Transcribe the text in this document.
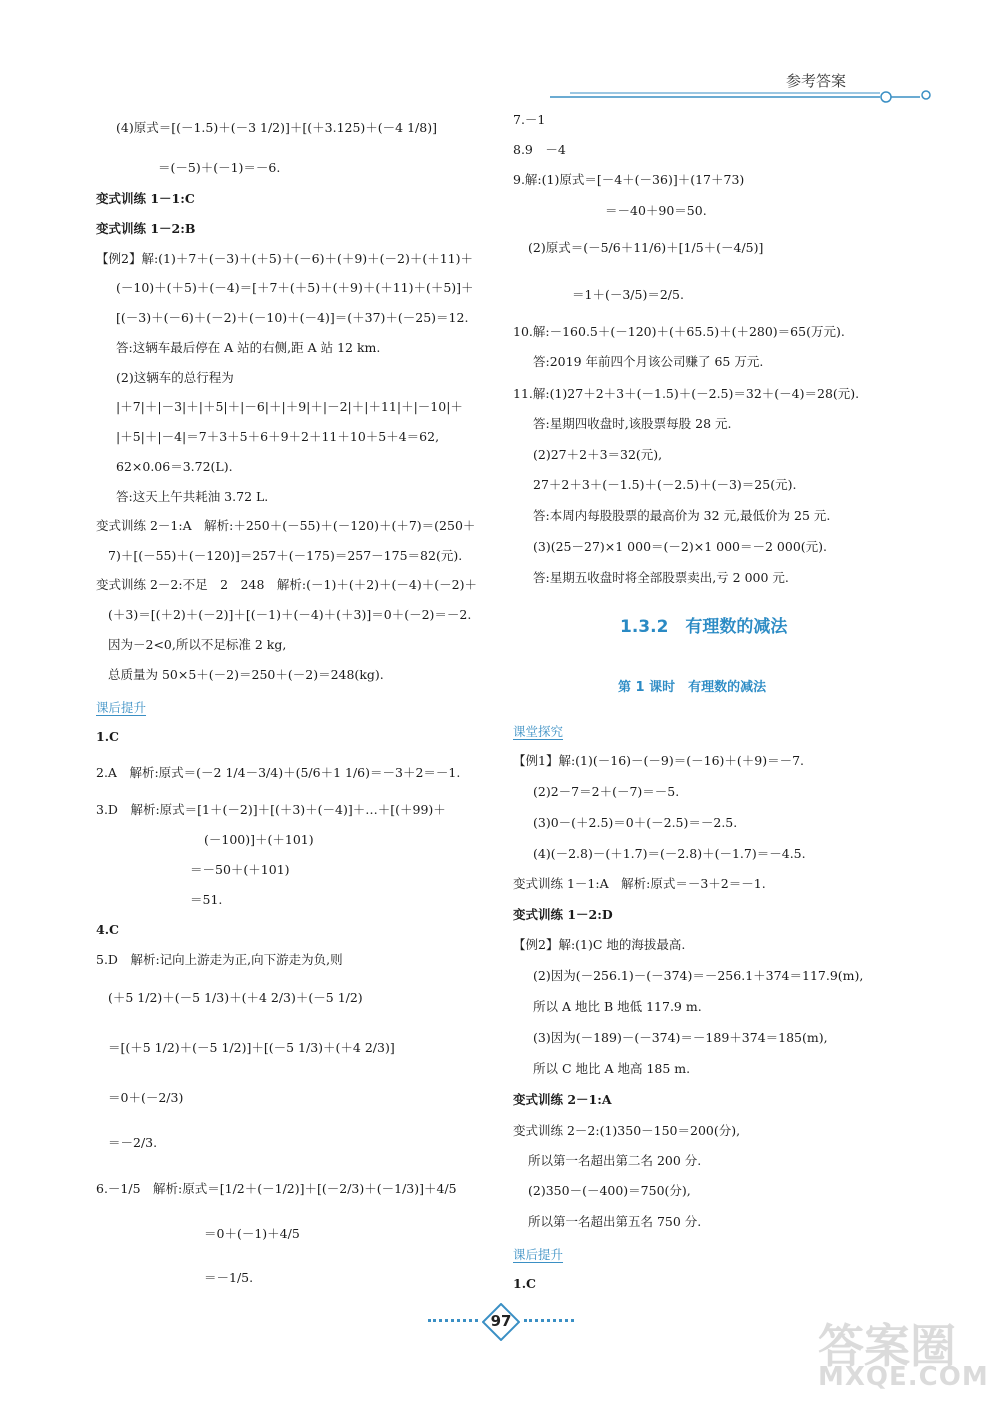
参考答案
(4)原式＝[(－1.5)＋(－3 1/2)]＋[(＋3.125)＋(－4 1/8)]
＝(－5)＋(－1)＝－6.
变式训练 1－1:C
变式训练 1－2:B
【例2】解:(1)＋7＋(－3)＋(＋5)＋(－6)＋(＋9)＋(－2)＋(＋11)＋
(－10)＋(＋5)＋(－4)＝[＋7＋(＋5)＋(＋9)＋(＋11)＋(＋5)]＋
[(－3)＋(－6)＋(－2)＋(－10)＋(－4)]＝(＋37)＋(－25)＝12.
答:这辆车最后停在 A 站的右侧,距 A 站 12 km.
(2)这辆车的总行程为
|＋7|＋|－3|＋|＋5|＋|－6|＋|＋9|＋|－2|＋|＋11|＋|－10|＋
|＋5|＋|－4|＝7＋3＋5＋6＋9＋2＋11＋10＋5＋4＝62,
62×0.06＝3.72(L).
答:这天上午共耗油 3.72 L.
变式训练 2－1:A　解析:＋250＋(－55)＋(－120)＋(＋7)＝(250＋
7)＋[(－55)＋(－120)]＝257＋(－175)＝257－175＝82(元).
变式训练 2－2:不足　2　248　解析:(－1)＋(＋2)＋(－4)＋(－2)＋
(＋3)＝[(＋2)＋(－2)]＋[(－1)＋(－4)＋(＋3)]＝0＋(－2)＝－2.
因为－2<0,所以不足标准 2 kg,
总质量为 50×5＋(－2)＝250＋(－2)＝248(kg).
1.C
2.A　解析:原式＝(－2 1/4－3/4)＋(5/6＋1 1/6)＝－3＋2＝－1.
3.D　解析:原式＝[1＋(－2)]＋[(＋3)＋(－4)]＋…＋[(＋99)＋
(－100)]＋(＋101)
＝－50＋(＋101)
＝51.
4.C
5.D　解析:记向上游走为正,向下游走为负,则
(＋5 1/2)＋(－5 1/3)＋(＋4 2/3)＋(－5 1/2)
＝[(＋5 1/2)＋(－5 1/2)]＋[(－5 1/3)＋(＋4 2/3)]
＝0＋(－2/3)
＝－2/3.
6.－1/5　解析:原式＝[1/2＋(－1/2)]＋[(－2/3)＋(－1/3)]＋4/5
＝0＋(－1)＋4/5
＝－1/5.
课后提升
7.－1
8.9　－4
9.解:(1)原式＝[－4＋(－36)]＋(17＋73)
＝－40＋90＝50.
(2)原式＝(－5/6＋11/6)＋[1/5＋(－4/5)]
＝1＋(－3/5)＝2/5.
10.解:－160.5＋(－120)＋(＋65.5)＋(＋280)＝65(万元).
答:2019 年前四个月该公司赚了 65 万元.
11.解:(1)27＋2＋3＋(－1.5)＋(－2.5)＝32＋(－4)＝28(元).
答:星期四收盘时,该股票每股 28 元.
(2)27＋2＋3＝32(元),
27＋2＋3＋(－1.5)＋(－2.5)＋(－3)＝25(元).
答:本周内每股股票的最高价为 32 元,最低价为 25 元.
(3)(25－27)×1 000＝(－2)×1 000＝－2 000(元).
答:星期五收盘时将全部股票卖出,亏 2 000 元.
【例1】解:(1)(－16)－(－9)＝(－16)＋(＋9)＝－7.
(2)2－7＝2＋(－7)＝－5.
(3)0－(＋2.5)＝0＋(－2.5)＝－2.5.
(4)(－2.8)－(＋1.7)＝(－2.8)＋(－1.7)＝－4.5.
变式训练 1－1:A　解析:原式＝－3＋2＝－1.
变式训练 1－2:D
【例2】解:(1)C 地的海拔最高.
(2)因为(－256.1)－(－374)＝－256.1＋374＝117.9(m),
所以 A 地比 B 地低 117.9 m.
(3)因为(－189)－(－374)＝－189＋374＝185(m),
所以 C 地比 A 地高 185 m.
变式训练 2－1:A
变式训练 2－2:(1)350－150＝200(分),
所以第一名超出第二名 200 分.
(2)350－(－400)＝750(分),
所以第一名超出第五名 750 分.
1.C
1.3.2　有理数的减法
第 1 课时　有理数的减法
课堂探究
课后提升
97	答案圈
MXQE.COM
